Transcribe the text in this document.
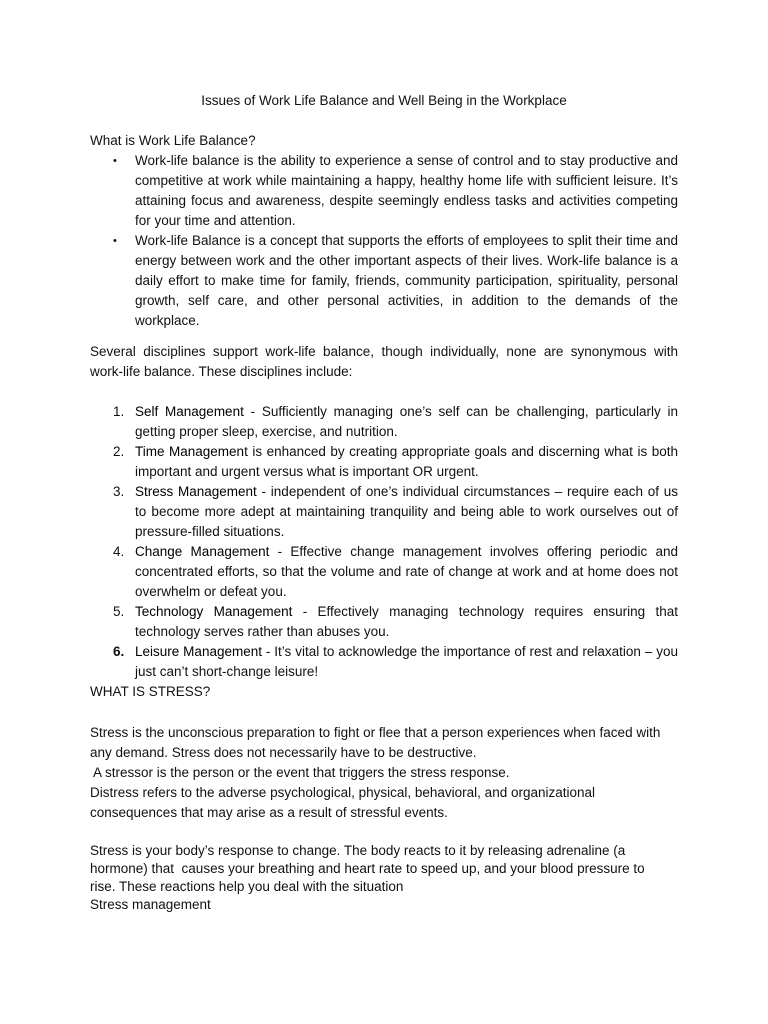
Issues of Work Life Balance and Well Being in the Workplace
What is Work Life Balance?
• Work-life balance is the ability to experience a sense of control and to stay productive and competitive at work while maintaining a happy, healthy home life with sufficient leisure. It’s attaining focus and awareness, despite seemingly endless tasks and activities competing for your time and attention.
• Work-life Balance is a concept that supports the efforts of employees to split their time and energy between work and the other important aspects of their lives. Work-life balance is a daily effort to make time for family, friends, community participation, spirituality, personal growth, self care, and other personal activities, in addition to the demands of the workplace.
Several disciplines support work-life balance, though individually, none are synonymous with work-life balance. These disciplines include:
1. Self Management - Sufficiently managing one’s self can be challenging, particularly in getting proper sleep, exercise, and nutrition.
2. Time Management is enhanced by creating appropriate goals and discerning what is both important and urgent versus what is important OR urgent.
3. Stress Management - independent of one’s individual circumstances – require each of us to become more adept at maintaining tranquility and being able to work ourselves out of pressure-filled situations.
4. Change Management - Effective change management involves offering periodic and concentrated efforts, so that the volume and rate of change at work and at home does not overwhelm or defeat you.
5. Technology Management - Effectively managing technology requires ensuring that technology serves rather than abuses you.
6. Leisure Management - It’s vital to acknowledge the importance of rest and relaxation – you just can’t short-change leisure!
WHAT IS STRESS?
Stress is the unconscious preparation to fight or flee that a person experiences when faced with
any demand. Stress does not necessarily have to be destructive.
A stressor is the person or the event that triggers the stress response.
Distress refers to the adverse psychological, physical, behavioral, and organizational
consequences that may arise as a result of stressful events.
Stress is your body’s response to change. The body reacts to it by releasing adrenaline (a
hormone) that  causes your breathing and heart rate to speed up, and your blood pressure to
rise. These reactions help you deal with the situation
Stress management
